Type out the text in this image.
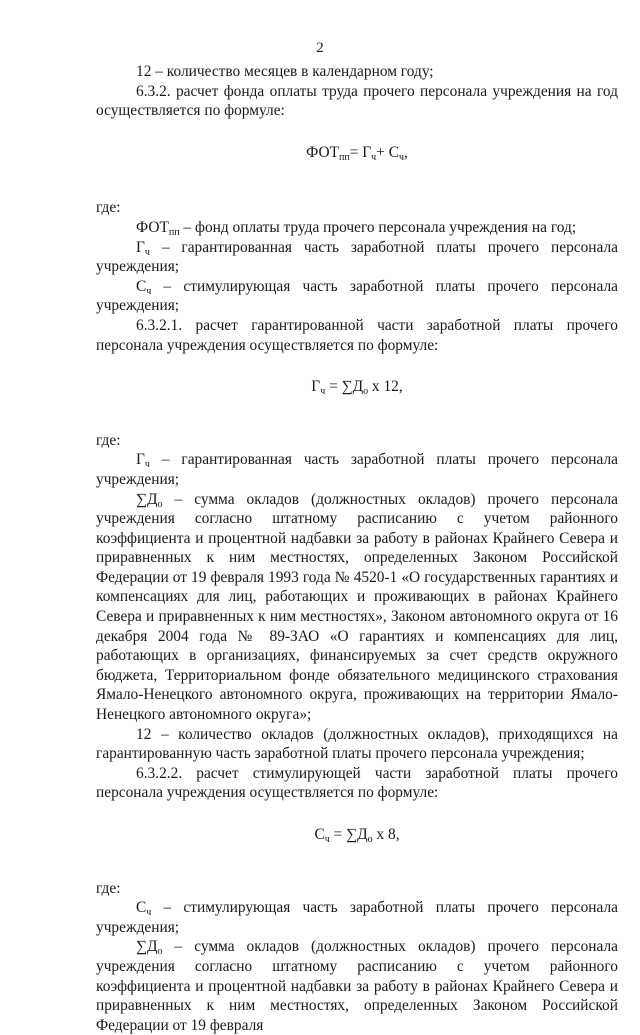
2

12 – количество месяцев в календарном году;

6.3.2. расчет фонда оплаты труда прочего персонала учреждения на год осуществляется по формуле:

$ФОТ_{пп}= Г_ч+ С_ч$,

где:

$ФОТ_{пп}$ – фонд оплаты труда прочего персонала учреждения на год;

$Г_ч$ – гарантированная часть заработной платы прочего персонала учреждения;

$С_ч$ – стимулирующая часть заработной платы прочего персонала учреждения;

6.3.2.1. расчет гарантированной части заработной платы прочего персонала учреждения осуществляется по формуле:

$Г_ч = \sum Д_о$ х 12,

где:

$Г_ч$ – гарантированная часть заработной платы прочего персонала учреждения;

$\sum Д_о$ – сумма окладов (должностных окладов) прочего персонала учреждения согласно штатному расписанию с учетом районного коэффициента и процентной надбавки за работу в районах Крайнего Севера и приравненных к ним местностях, определенных Законом Российской Федерации от 19 февраля 1993 года № 4520-1 «О государственных гарантиях и компенсациях для лиц, работающих и проживающих в районах Крайнего Севера и приравненных к ним местностях», Законом автономного округа от 16 декабря 2004 года № 89-ЗАО «О гарантиях и компенсациях для лиц, работающих в организациях, финансируемых за счет средств окружного бюджета, Территориальном фонде обязательного медицинского страхования Ямало-Ненецкого автономного округа, проживающих на территории Ямало-Ненецкого автономного округа»;

12 – количество окладов (должностных окладов), приходящихся на гарантированную часть заработной платы прочего персонала учреждения;

6.3.2.2. расчет стимулирующей части заработной платы прочего персонала учреждения осуществляется по формуле:

$С_ч = \sum Д_о$ х 8,

где:

$С_ч$ – стимулирующая часть заработной платы прочего персонала учреждения;

$\sum Д_о$ – сумма окладов (должностных окладов) прочего персонала учреждения согласно штатному расписанию с учетом районного коэффициента и процентной надбавки за работу в районах Крайнего Севера и приравненных к ним местностях, определенных Законом Российской Федерации от 19 февраля
